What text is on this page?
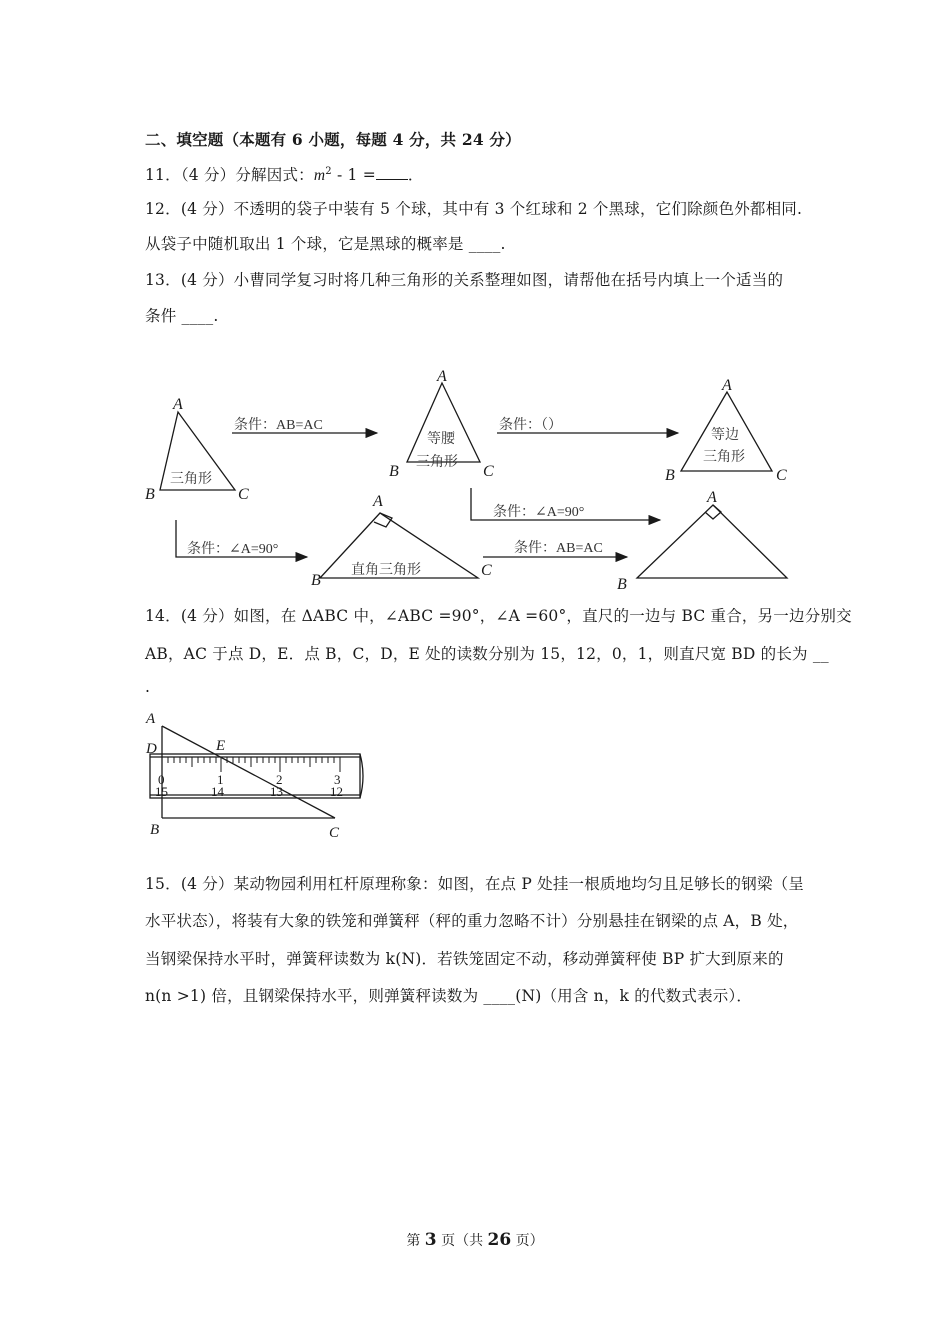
二、填空题（本题有 6 小题，每题 4 分，共 24 分）
11．（4 分）分解因式：$m^2 - 1$ = ．
12．(4 分）不透明的袋子中装有 5 个球，其中有 3 个红球和 2 个黑球，它们除颜色外都相同.
从袋子中随机取出 1 个球，它是黑球的概率是 ____.
13．(4 分）小曹同学复习时将几种三角形的关系整理如图，请帮他在括号内填上一个适当的
条件 ____.
A
B	C
A
B	C
A
B	C
A
B
C
A
B
三角形
等腰
三角形
等边
三角形
直角三角形
条件：AB=AC	条件：（）
条件：∠A=90°
条件：∠A=90°	条件：AB=AC
14．(4 分）如图，在 ΔABC 中，∠ABC =90°，∠A =60°，直尺的一边与 BC 重合，另一边分别交
AB，AC 于点 D，E．点 B，C，D，E 处的读数分别为 15，12，0，1，则直尺宽 BD 的长为 __
.
A
D	E
B	C
0	1	2	3
15	14	13	12
15．(4 分）某动物园利用杠杆原理称象：如图，在点 P 处挂一根质地均匀且足够长的钢梁（呈
水平状态），将装有大象的铁笼和弹簧秤（秤的重力忽略不计）分别悬挂在钢梁的点 A，B 处，
当钢梁保持水平时，弹簧秤读数为 k(N)．若铁笼固定不动，移动弹簧秤使 BP 扩大到原来的
n(n >1) 倍，且钢梁保持水平，则弹簧秤读数为 ____(N)（用含 n，k 的代数式表示）．
第 3 页（共 26 页）
